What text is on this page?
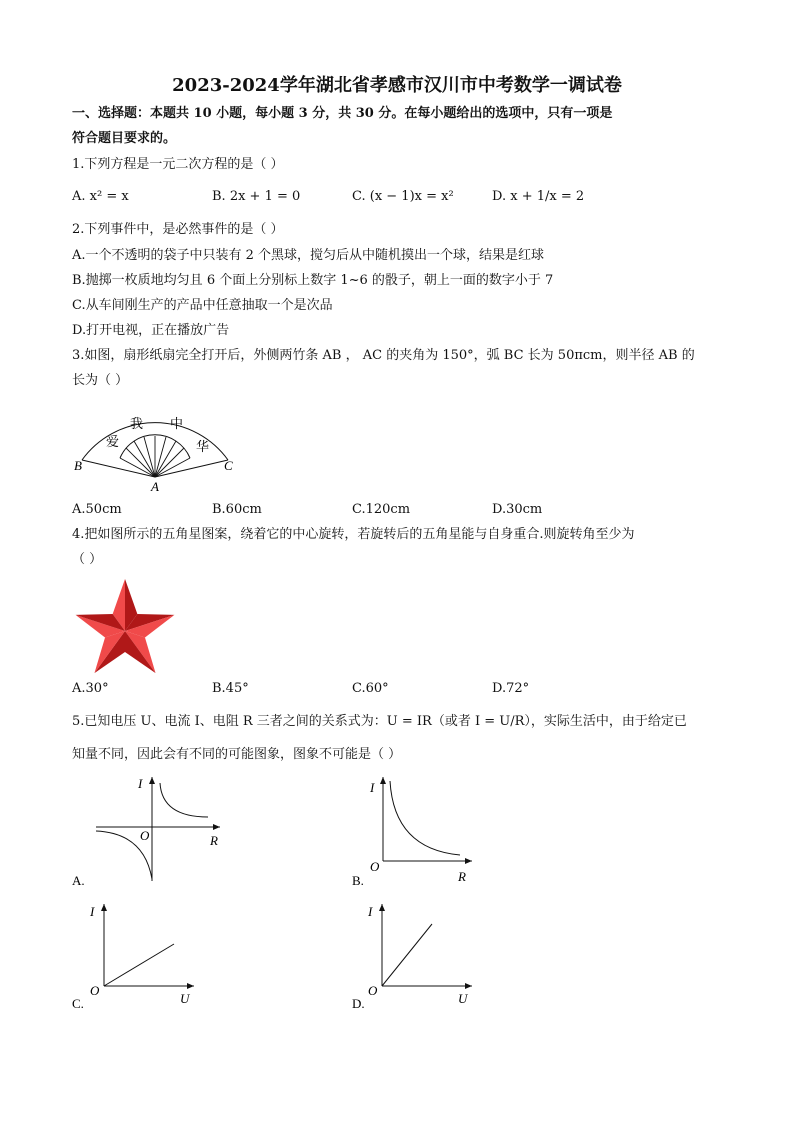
2023-2024学年湖北省孝感市汉川市中考数学一调试卷
一、选择题：本题共 10 小题，每小题 3 分，共 30 分。在每小题给出的选项中，只有一项是
符合题目要求的。
1.下列方程是一元二次方程的是（ ）
A. x² = x	B. 2x + 1 = 0	C. (x − 1)x = x²	D. x + 1/x = 2
2.下列事件中，是必然事件的是（ ）
A.一个不透明的袋子中只装有 2 个黑球，搅匀后从中随机摸出一个球，结果是红球
B.抛掷一枚质地均匀且 6 个面上分别标上数字 1~6 的骰子，朝上一面的数字小于 7
C.从车间刚生产的产品中任意抽取一个是次品
D.打开电视，正在播放广告
3.如图，扇形纸扇完全打开后，外侧两竹条 AB ， AC 的夹角为 150°，弧 BC 长为 50πcm，则半径 AB 的
长为（ ）
爱
我 中
华
B
A
C
A.50cm	B.60cm	C.120cm	D.30cm
4.把如图所示的五角星图案，绕着它的中心旋转，若旋转后的五角星能与自身重合.则旋转角至少为
（ ）
A.30°	B.45°	C.60°	D.72°
5.已知电压 U、电流 I、电阻 R 三者之间的关系式为：U = IR（或者 I = U/R），实际生活中，由于给定已
知量不同，因此会有不同的可能图象，图象不可能是（ ）
I
O	R
A.
I
O
R
B.
I
O
U
C.
I
O
U
D.
